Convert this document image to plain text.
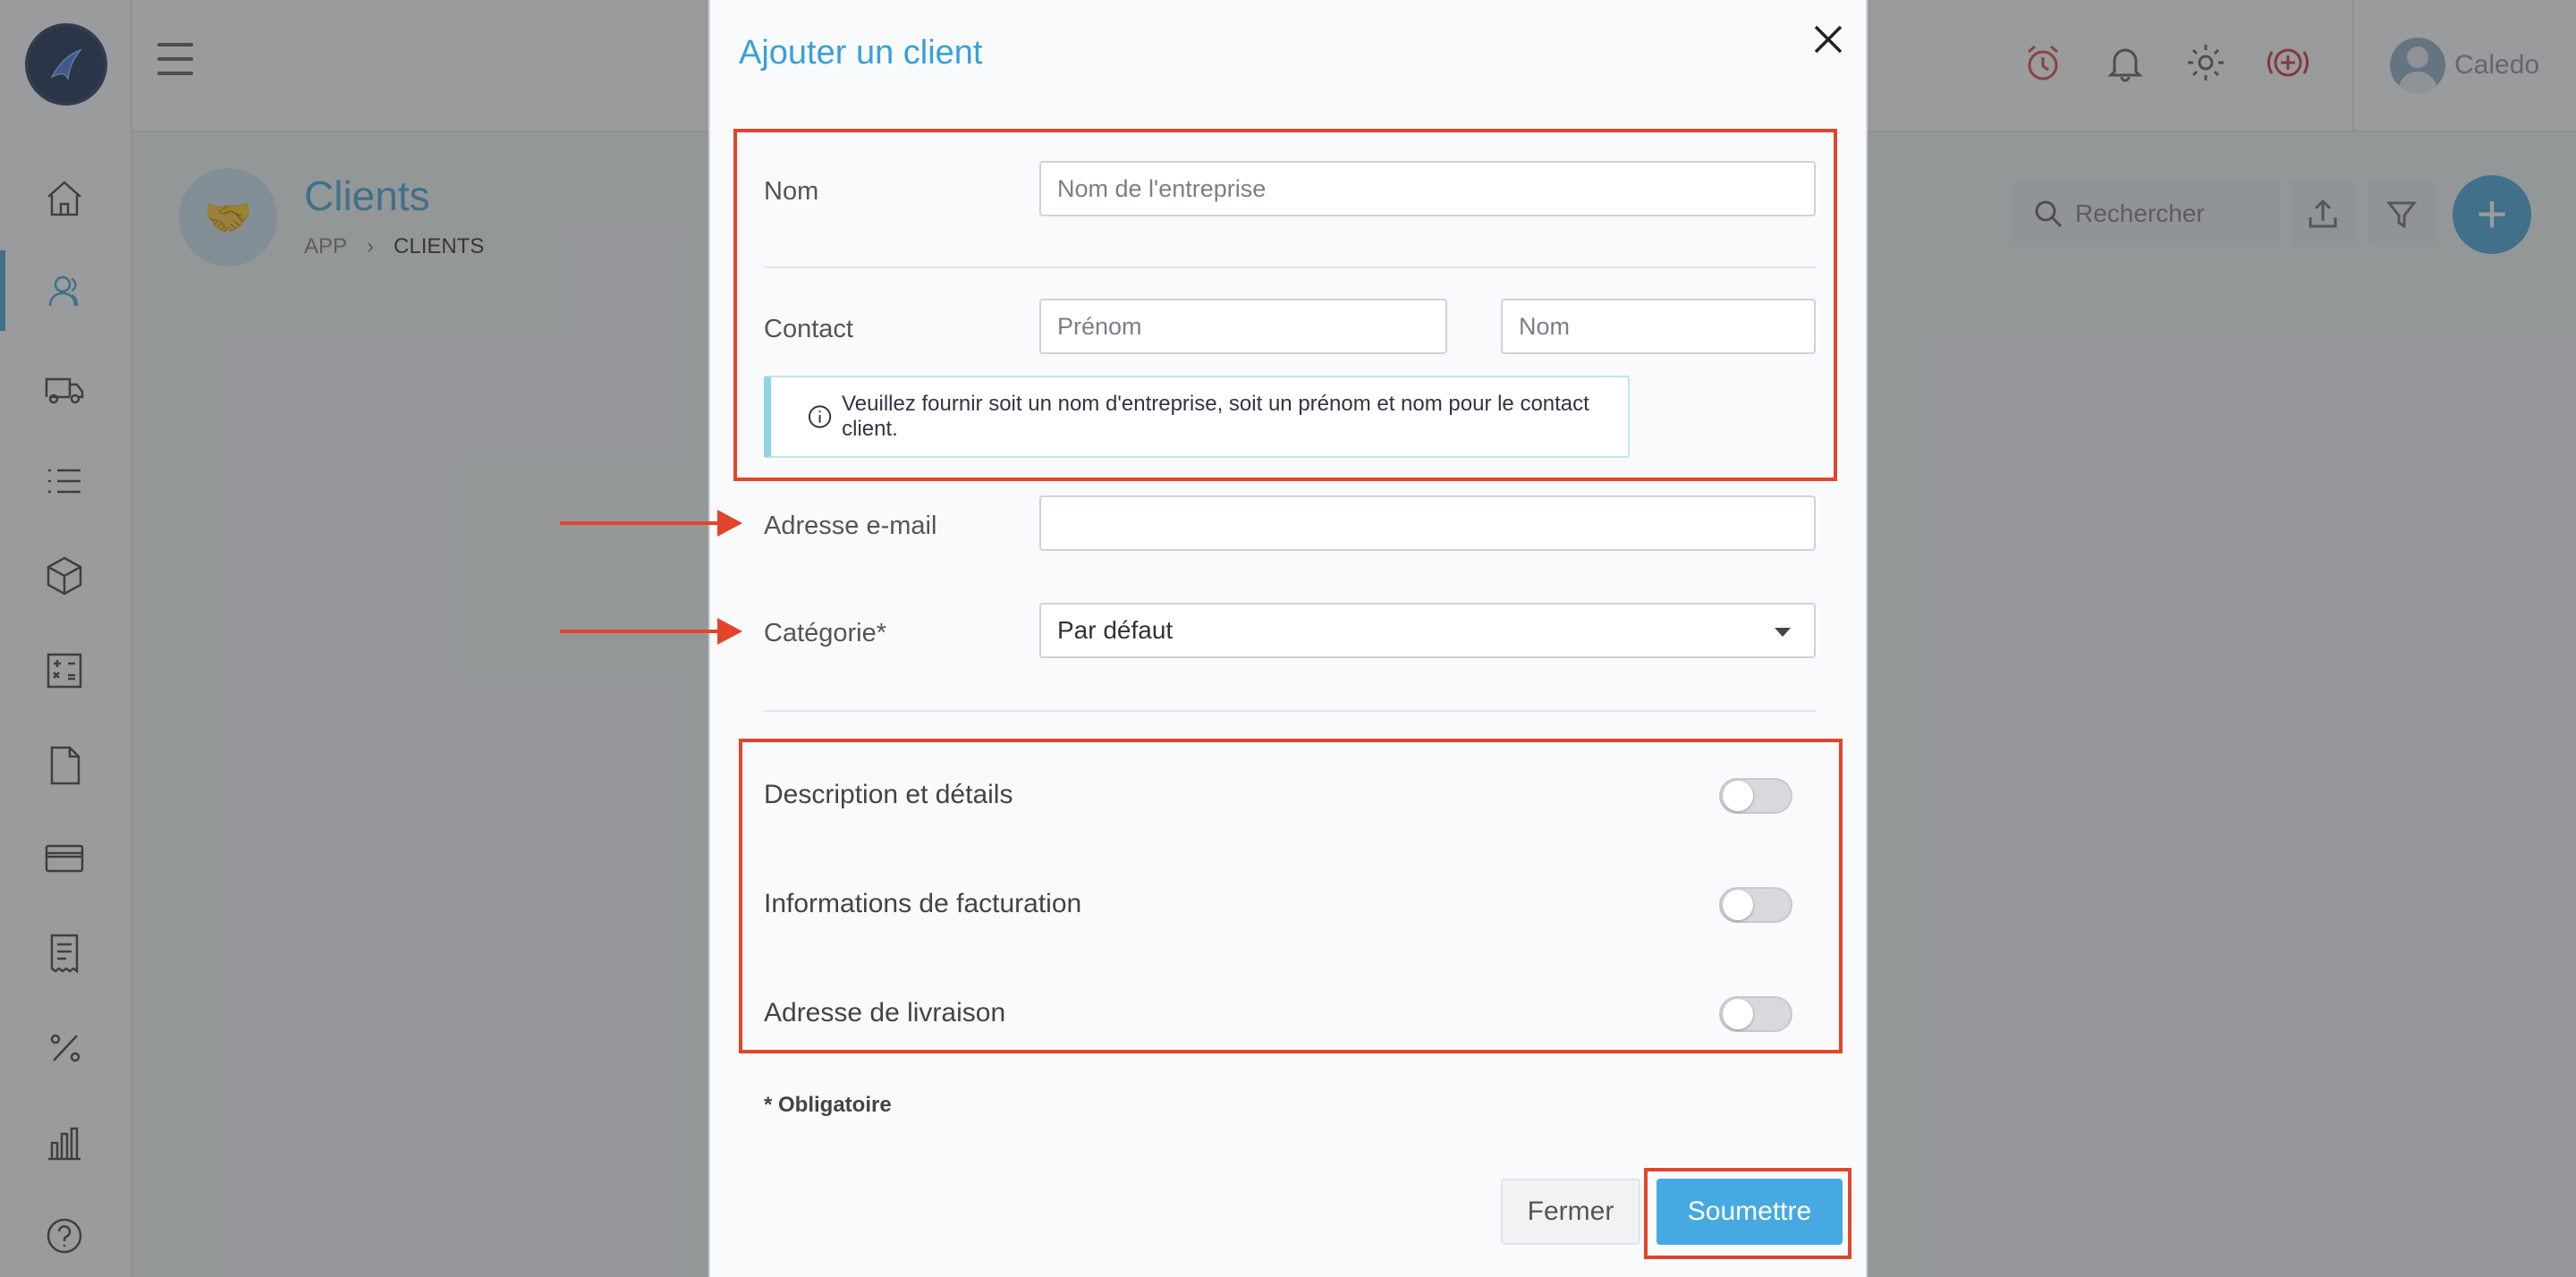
Ajouter un client
Nom	Nom de l'entreprise
Contact	Prénom	Nom
Veuillez fournir soit un nom d'entreprise, soit un prénom et nom pour le contact client.
Adresse e-mail
Catégorie*	Par défaut
Description et détails
Informations de facturation
Adresse de livraison
* Obligatoire
Fermer	Soumettre
